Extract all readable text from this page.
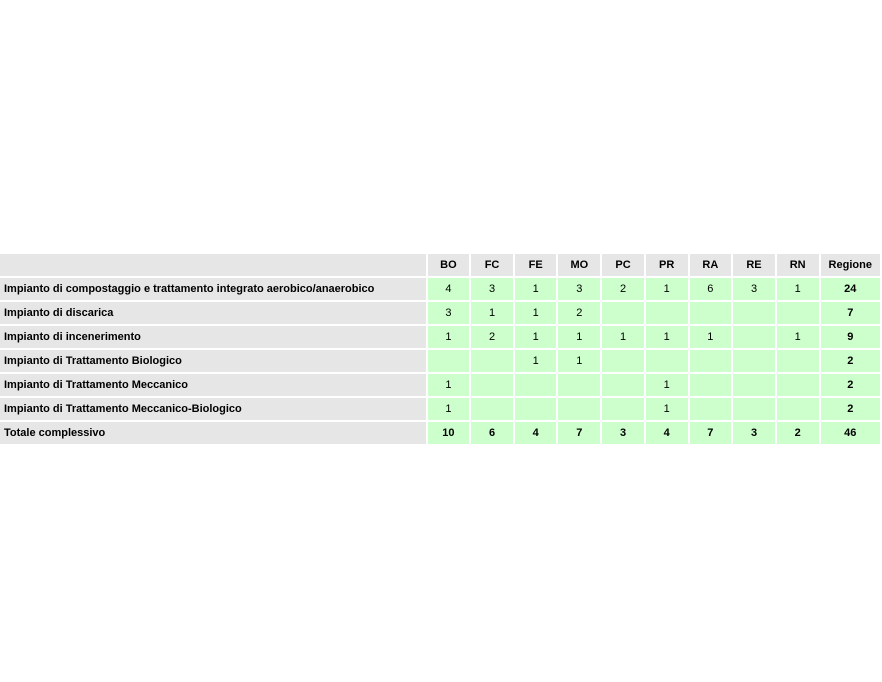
	BO	FC	FE	MO	PC	PR	RA	RE	RN	Regione
Impianto di compostaggio e trattamento integrato aerobico/anaerobico	4	3	1	3	2	1	6	3	1	24
Impianto di discarica	3	1	1	2						7
Impianto di incenerimento	1	2	1	1	1	1	1		1	9
Impianto di Trattamento Biologico			1	1						2
Impianto di Trattamento Meccanico	1					1				2
Impianto di Trattamento Meccanico-Biologico	1					1				2
Totale complessivo	10	6	4	7	3	4	7	3	2	46
